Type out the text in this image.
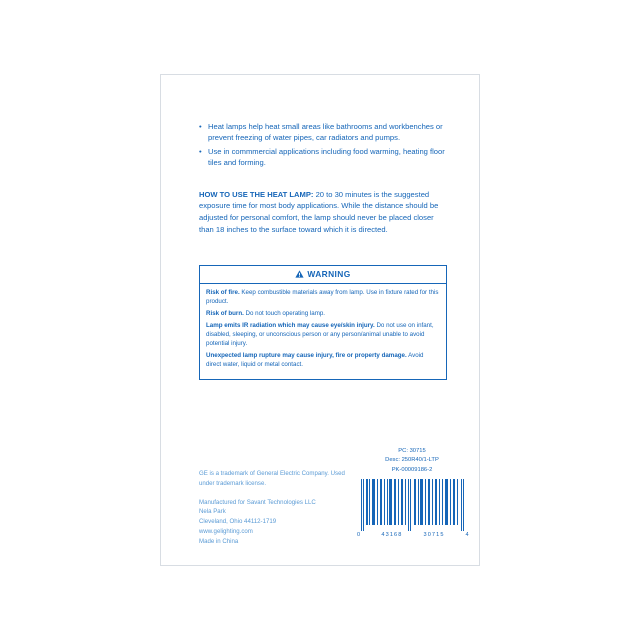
• Heat lamps help heat small areas like bathrooms and workbenches or prevent freezing of water pipes, car radiators and pumps.
• Use in commmercial applications including food warming, heating floor tiles and forming.
HOW TO USE THE HEAT LAMP: 20 to 30 minutes is the suggested exposure time for most body applications. While the distance should be adjusted for personal comfort, the lamp should never be placed closer than 18 inches to the surface toward which it is directed.
WARNING

Risk of fire. Keep combustible materials away from lamp. Use in fixture rated for this product.

Risk of burn. Do not touch operating lamp.

Lamp emits IR radiation which may cause eye/skin injury. Do not use on infant, disabled, sleeping, or unconscious person or any person/animal unable to avoid potential injury.

Unexpected lamp rupture may cause injury, fire or property damage. Avoid direct water, liquid or metal contact.

GE is a trademark of General Electric Company. Used under trademark license.
Manufactured for Savant Technologies LLC
Nela Park
Cleveland, Ohio 44112-1719
www.gelighting.com
Made in China
PC: 30715
Desc: 250R40/1-LTP
PK-00009186-2
0	43168	30715	4
